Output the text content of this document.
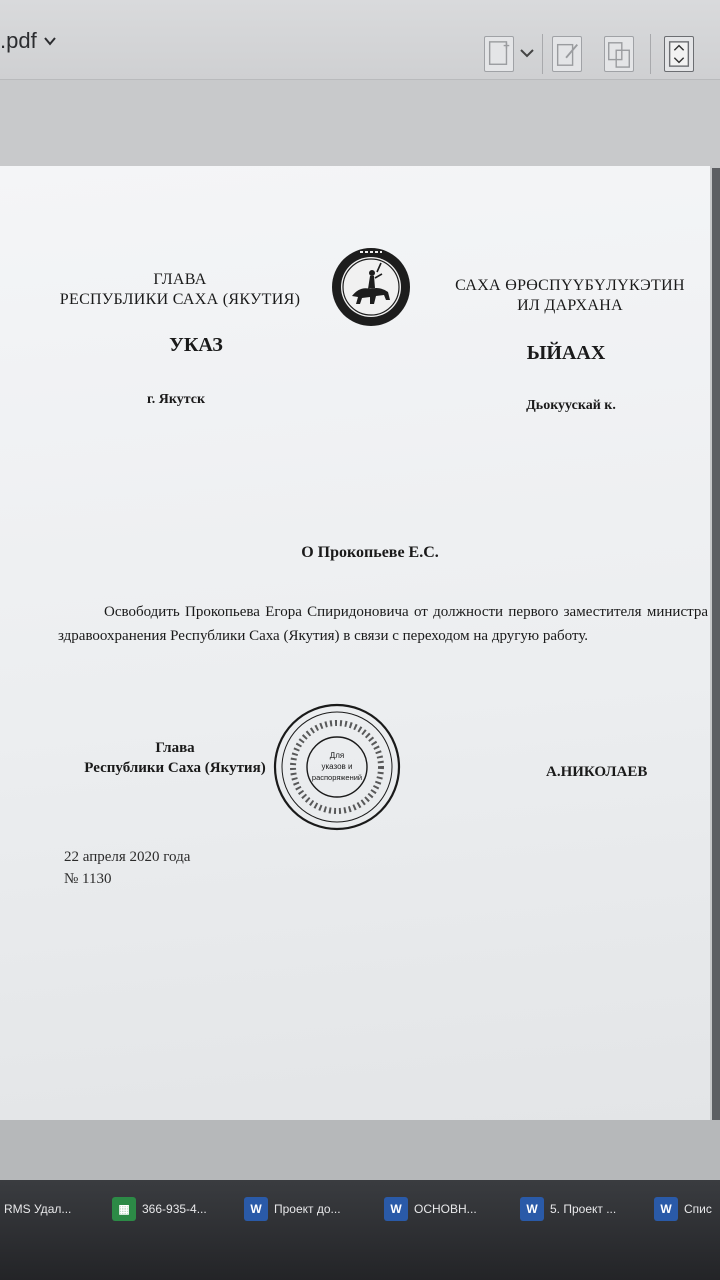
.pdf
ГЛАВА
РЕСПУБЛИКИ САХА (ЯКУТИЯ)
САХА ӨРӨСПҮҮБҮЛҮКЭТИН
ИЛ ДАРХАНА
УКАЗ	ЫЙААХ
г. Якутск	Дьокуускай к.
О Прокопьеве Е.С.
Освободить Прокопьева Егора Спиридоновича от должности первого заместителя министра здравоохранения Республики Саха (Якутия) в связи с переходом на другую работу.
Глава
Республики Саха (Якутия)
Для
указов и
распоряжений	А.НИКОЛАЕВ
22 апреля 2020 года
№ 1130
RMS Удал...	▦	366-935-4...	W	Проект до...	W	ОСНОВН...	W	5. Проект ...	W	Спис
